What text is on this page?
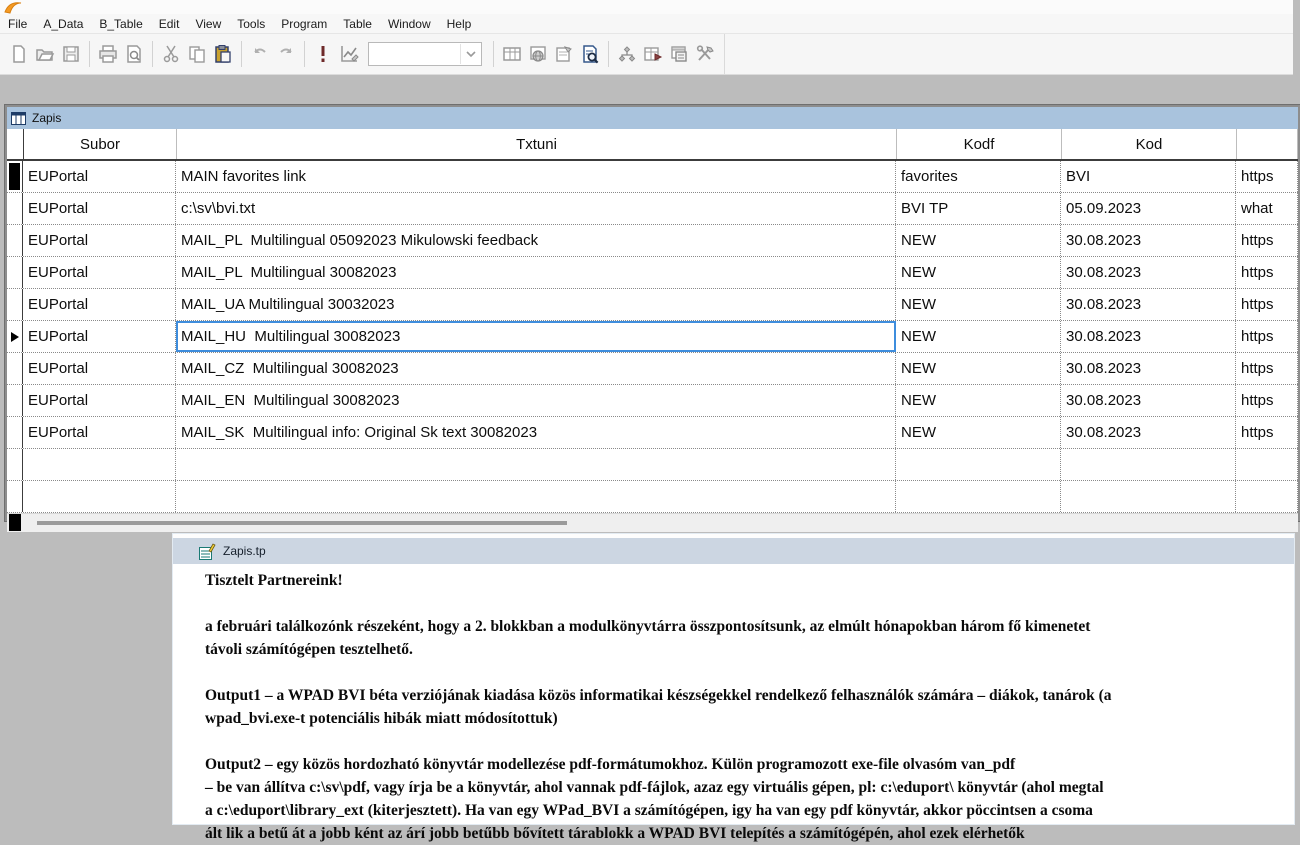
File	A_Data	B_Table	Edit	View	Tools	Program	Table	Window	Help
Zapis
Subor	Txtuni	Kodf	Kod
EUPortal	MAIN favorites link	favorites	BVI	https
EUPortal	c:\sv\bvi.txt	BVI TP	05.09.2023	what
EUPortal	MAIL_PL  Multilingual 05092023 Mikulowski feedback	NEW	30.08.2023	https
EUPortal	MAIL_PL  Multilingual 30082023	NEW	30.08.2023	https
EUPortal	MAIL_UA Multilingual 30032023	NEW	30.08.2023	https
EUPortal	MAIL_HU  Multilingual 30082023	NEW	30.08.2023	https
EUPortal	MAIL_CZ  Multilingual 30082023	NEW	30.08.2023	https
EUPortal	MAIL_EN  Multilingual 30082023	NEW	30.08.2023	https
EUPortal	MAIL_SK  Multilingual info: Original Sk text 30082023	NEW	30.08.2023	https
Zapis.tp
Tisztelt Partnereink!
a februári találkozónk részeként, hogy a 2. blokkban a modulkönyvtárra összpontosítsunk, az elmúlt hónapokban három fő kimenetet
távoli számítógépen tesztelhető.
Output1 – a WPAD BVI béta verziójának kiadása közös informatikai készségekkel rendelkező felhasználók számára – diákok, tanárok (a
wpad_bvi.exe-t potenciális hibák miatt módosítottuk)
Output2 – egy közös hordozható könyvtár modellezése pdf-formátumokhoz. Külön programozott exe-file olvasóm van_pdf
– be van állítva c:\sv\pdf, vagy írja be a könyvtár, ahol vannak pdf-fájlok, azaz egy virtuális gépen, pl: c:\eduport\ könyvtár (ahol megtal
a c:\eduport\library_ext (kiterjesztett). Ha van egy WPad_BVI a számítógépen, igy ha van egy pdf könyvtár, akkor pöccintsen a csoma
ált lik a betű át a jobb ként az árí jobb betűbb bővített tárablokk a WPAD BVI telepítés a számítógépén, ahol ezek elérhetők
